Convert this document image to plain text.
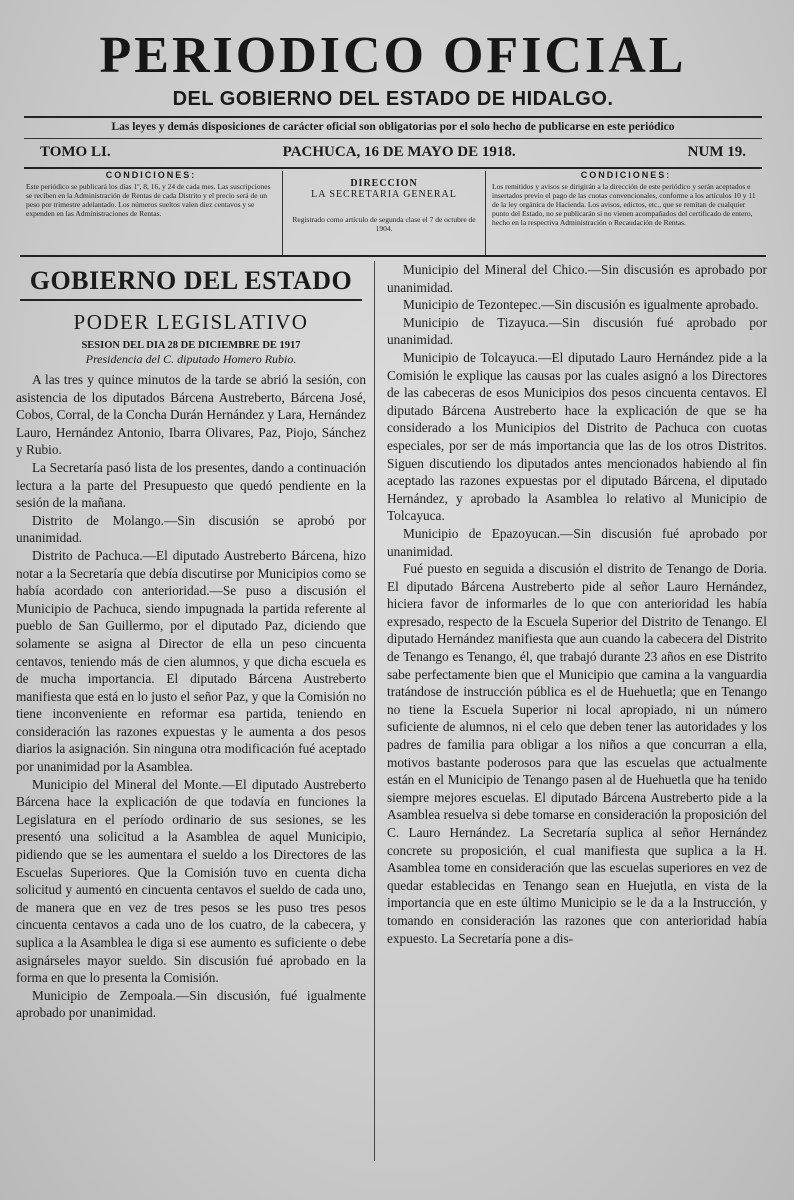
PERIODICO OFICIAL
DEL GOBIERNO DEL ESTADO DE HIDALGO.
Las leyes y demás disposiciones de carácter oficial son obligatorias por el solo hecho de publicarse en este periódico
TOMO LI.	PACHUCA, 16 DE MAYO DE 1918.	NUM 19.
CONDICIONES:
Este periódico se publicará los días 1º, 8, 16, y 24 de cada mes. Las suscripciones se reciben en la Administración de Rentas de cada Distrito y el precio será de un peso por trimestre adelantado. Los números sueltos valen diez centavos y se expenden en las Administraciones de Rentas.
DIRECCION
LA SECRETARIA GENERAL
Registrado como artículo de segunda clase el 7 de octubre de 1904.
CONDICIONES:
Los remitidos y avisos se dirigirán a la dirección de este periódico y serán aceptados e insertados previo el pago de las cuotas convencionales, conforme a los artículos 10 y 11 de la ley orgánica de Hacienda. Los avisos, edictos, etc., que se remitan de cualquier punto del Estado, no se publicarán si no vienen acompañados del certificado de entero, hecho en la respectiva Administración o Recaudación de Rentas.
GOBIERNO DEL ESTADO
PODER LEGISLATIVO
SESION DEL DIA 28 DE DICIEMBRE DE 1917
Presidencia del C. diputado Homero Rubio.

A las tres y quince minutos de la tarde se abrió la sesión, con asistencia de los diputados Bárcena Austreberto, Bárcena José, Cobos, Corral, de la Concha Durán Hernández y Lara, Hernández Lauro, Hernández Antonio, Ibarra Olivares, Paz, Piojo, Sánchez y Rubio.

La Secretaría pasó lista de los presentes, dando a continuación lectura a la parte del Presupuesto que quedó pendiente en la sesión de la mañana.

Distrito de Molango.—Sin discusión se aprobó por unanimidad.

Distrito de Pachuca.—El diputado Austreberto Bárcena, hizo notar a la Secretaría que debía discutirse por Municipios como se había acordado con anterioridad.—Se puso a discusión el Municipio de Pachuca, siendo impugnada la partida referente al pueblo de San Guillermo, por el diputado Paz, diciendo que solamente se asigna al Director de ella un peso cincuenta centavos, teniendo más de cien alumnos, y que dicha escuela es de mucha importancia. El diputado Bárcena Austreberto manifiesta que está en lo justo el señor Paz, y que la Comisión no tiene inconveniente en reformar esa partida, teniendo en consideración las razones expuestas y le aumenta a dos pesos diarios la asignación. Sin ninguna otra modificación fué aceptado por unanimidad por la Asamblea.

Municipio del Mineral del Monte.—El diputado Austreberto Bárcena hace la explicación de que todavía en funciones la Legislatura en el período ordinario de sus sesiones, se les presentó una solicitud a la Asamblea de aquel Municipio, pidiendo que se les aumentara el sueldo a los Directores de las Escuelas Superiores. Que la Comisión tuvo en cuenta dicha solicitud y aumentó en cincuenta centavos el sueldo de cada uno, de manera que en vez de tres pesos se les puso tres pesos cincuenta centavos a cada uno de los cuatro, de la cabecera, y suplica a la Asamblea le diga si ese aumento es suficiente o debe asignárseles mayor sueldo. Sin discusión fué aprobado en la forma en que lo presenta la Comisión.

Municipio de Zempoala.—Sin discusión, fué igualmente aprobado por unanimidad.

Municipio del Mineral del Chico.—Sin discusión es aprobado por unanimidad.

Municipio de Tezontepec.—Sin discusión es igualmente aprobado.

Municipio de Tizayuca.—Sin discusión fué aprobado por unanimidad.

Municipio de Tolcayuca.—El diputado Lauro Hernández pide a la Comisión le explique las causas por las cuales asignó a los Directores de las cabeceras de esos Municipios dos pesos cincuenta centavos. El diputado Bárcena Austreberto hace la explicación de que se ha considerado a los Municipios del Distrito de Pachuca con cuotas especiales, por ser de más importancia que las de los otros Distritos. Siguen discutiendo los diputados antes mencionados habiendo al fin aceptado las razones expuestas por el diputado Bárcena, el diputado Hernández, y aprobado la Asamblea lo relativo al Municipio de Tolcayuca.

Municipio de Epazoyucan.—Sin discusión fué aprobado por unanimidad.

Fué puesto en seguida a discusión el distrito de Tenango de Doria. El diputado Bárcena Austreberto pide al señor Lauro Hernández, hiciera favor de informarles de lo que con anterioridad les había expresado, respecto de la Escuela Superior del Distrito de Tenango. El diputado Hernández manifiesta que aun cuando la cabecera del Distrito de Tenango es Tenango, él, que trabajó durante 23 años en ese Distrito sabe perfectamente bien que el Municipio que camina a la vanguardia tratándose de instrucción pública es el de Huehuetla; que en Tenango no tiene la Escuela Superior ni local apropiado, ni un número suficiente de alumnos, ni el celo que deben tener las autoridades y los padres de familia para obligar a los niños a que concurran a ella, motivos bastante poderosos para que las escuelas que actualmente están en el Municipio de Tenango pasen al de Huehuetla que ha tenido siempre mejores escuelas. El diputado Bárcena Austreberto pide a la Asamblea resuelva si debe tomarse en consideración la proposición del C. Lauro Hernández. La Secretaría suplica al señor Hernández concrete su proposición, el cual manifiesta que suplica a la H. Asamblea tome en consideración que las escuelas superiores en vez de quedar establecidas en Tenango sean en Huejutla, en vista de la importancia que en este último Municipio se le da a la Instrucción, y tomando en consideración las razones que con anterioridad había expuesto. La Secretaría pone a dis-
